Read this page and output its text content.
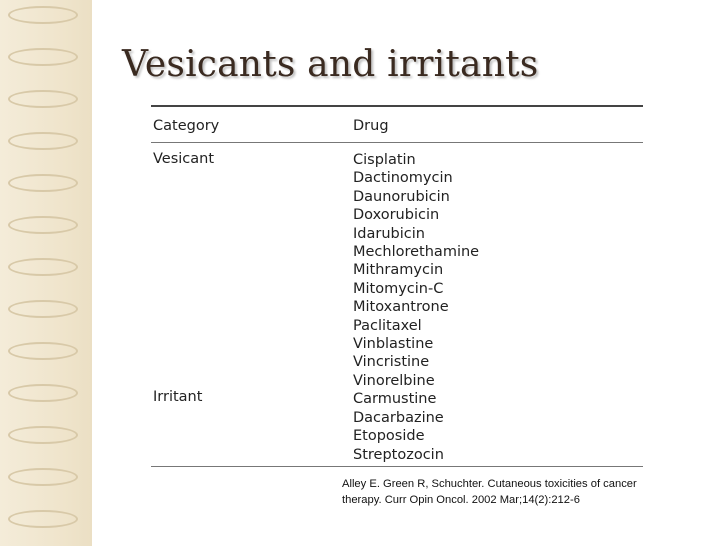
Vesicants and irritants
Category	Drug
Vesicant
Irritant
Cisplatin
Dactinomycin
Daunorubicin
Doxorubicin
Idarubicin
Mechlorethamine
Mithramycin
Mitomycin-C
Mitoxantrone
Paclitaxel
Vinblastine
Vincristine
Vinorelbine
Carmustine
Dacarbazine
Etoposide
Streptozocin
Alley E. Green R, Schuchter. Cutaneous toxicities of cancer
therapy. Curr Opin Oncol. 2002 Mar;14(2):212-6
